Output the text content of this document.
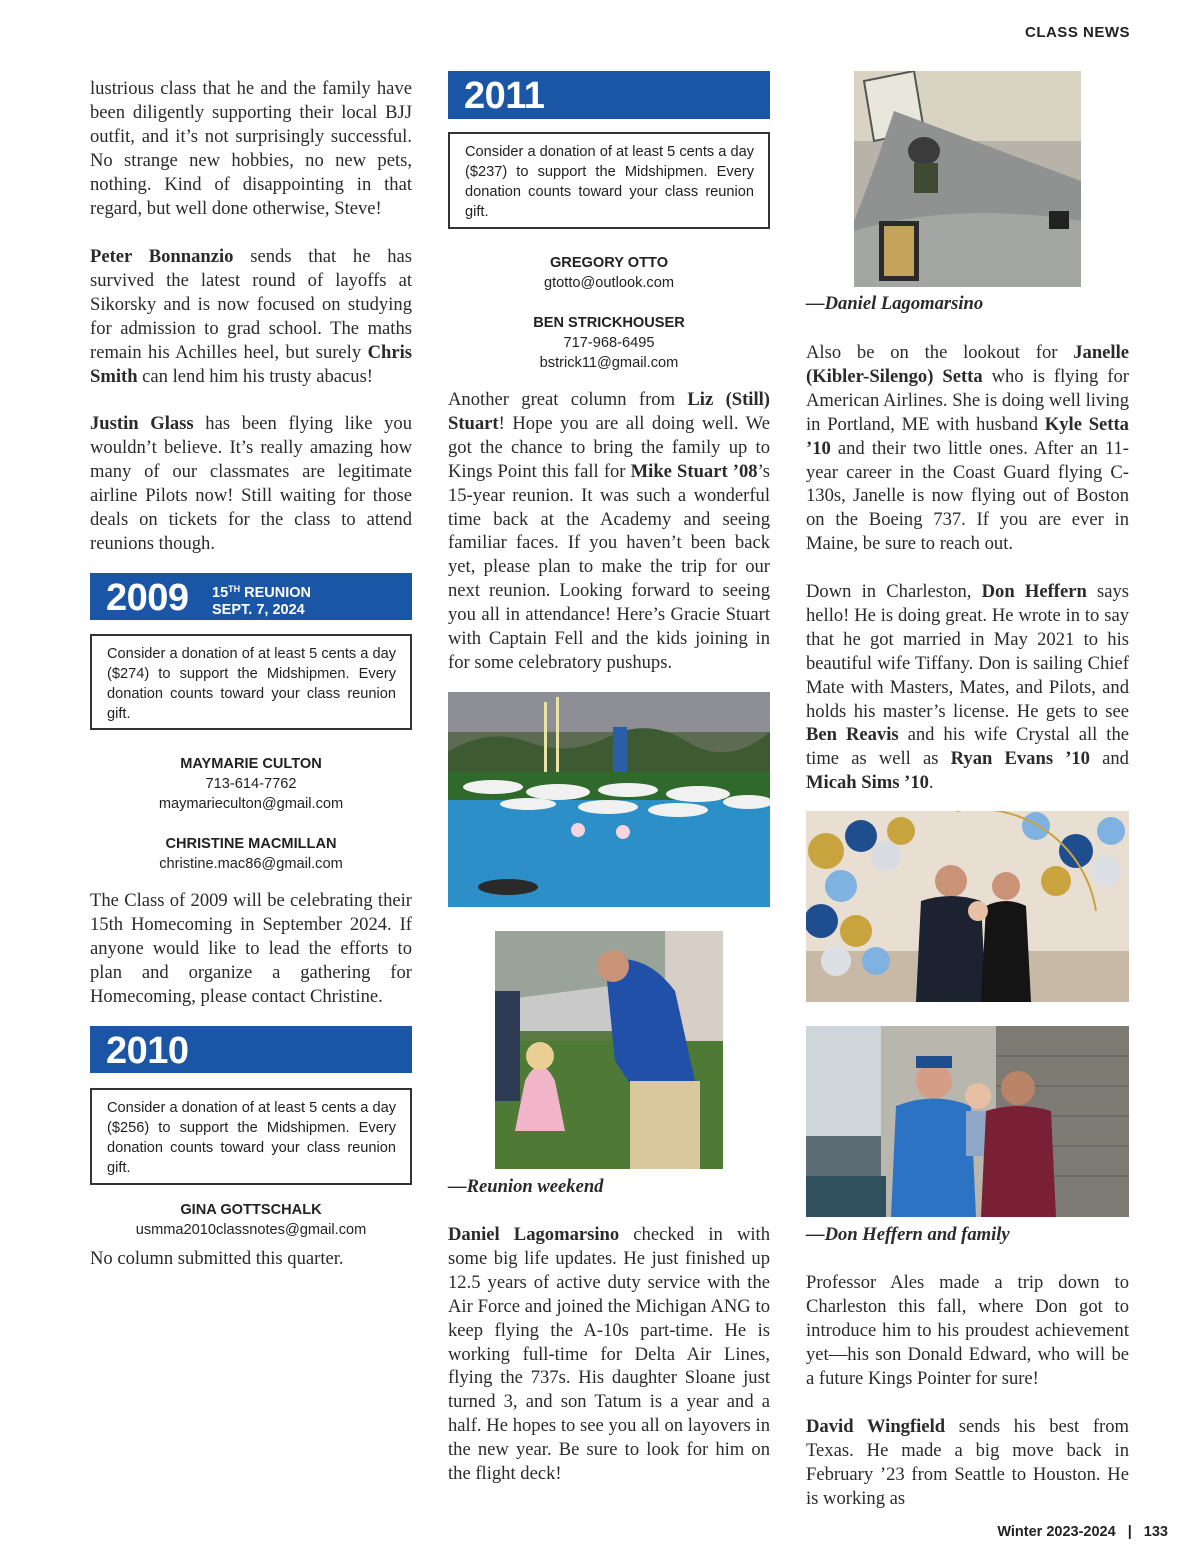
CLASS NEWS

lustrious class that he and the family have been diligently supporting their local BJJ outfit, and it’s not surprisingly successful. No strange new hobbies, no new pets, nothing. Kind of disappointing in that regard, but well done otherwise, Steve!

Peter Bonnanzio sends that he has survived the latest round of layoffs at Sikorsky and is now focused on studying for admission to grad school. The maths remain his Achilles heel, but surely Chris Smith can lend him his trusty abacus!

Justin Glass has been flying like you wouldn’t believe. It’s really amazing how many of our classmates are legitimate airline Pilots now! Still waiting for those deals on tickets for the class to attend reunions though.

2009 15TH REUNION
SEPT. 7, 2024
Consider a donation of at least 5 cents a day ($274) to support the Midshipmen. Every donation counts toward your class reunion gift.
MAYMARIE CULTON
713-614-7762
maymarieculton@gmail.com
CHRISTINE MACMILLAN
christine.mac86@gmail.com

The Class of 2009 will be celebrating their 15th Homecoming in September 2024. If anyone would like to lead the efforts to plan and organize a gathering for Homecoming, please contact Christine.

2010
Consider a donation of at least 5 cents a day ($256) to support the Midshipmen. Every donation counts toward your class reunion gift.
GINA GOTTSCHALK
usmma2010classnotes@gmail.com

No column submitted this quarter.

2011
Consider a donation of at least 5 cents a day ($237) to support the Midshipmen. Every donation counts toward your class reunion gift.
GREGORY OTTO
gtotto@outlook.com
BEN STRICKHOUSER
717-968-6495
bstrick11@gmail.com

Another great column from Liz (Still) Stuart! Hope you are all doing well. We got the chance to bring the family up to Kings Point this fall for Mike Stuart ’08’s 15-year reunion. It was such a wonderful time back at the Academy and seeing familiar faces. If you haven’t been back yet, please plan to make the trip for our next reunion. Looking forward to seeing you all in attendance! Here’s Gracie Stuart with Captain Fell and the kids joining in for some celebratory pushups.

—Reunion weekend

Daniel Lagomarsino checked in with some big life updates. He just finished up 12.5 years of active duty service with the Air Force and joined the Michigan ANG to keep flying the A-10s part-time. He is working full-time for Delta Air Lines, flying the 737s. His daughter Sloane just turned 3, and son Tatum is a year and a half. He hopes to see you all on layovers in the new year. Be sure to look for him on the flight deck!

—Daniel Lagomarsino

Also be on the lookout for Janelle (Kibler-Silengo) Setta who is flying for American Airlines. She is doing well living in Portland, ME with husband Kyle Setta ’10 and their two little ones. After an 11-year career in the Coast Guard flying C-130s, Janelle is now flying out of Boston on the Boeing 737. If you are ever in Maine, be sure to reach out.

Down in Charleston, Don Heffern says hello! He is doing great. He wrote in to say that he got married in May 2021 to his beautiful wife Tiffany. Don is sailing Chief Mate with Masters, Mates, and Pilots, and holds his master’s license. He gets to see Ben Reavis and his wife Crystal all the time as well as Ryan Evans ’10 and Micah Sims ’10.

—Don Heffern and family

Professor Ales made a trip down to Charleston this fall, where Don got to introduce him to his proudest achievement yet—his son Donald Edward, who will be a future Kings Pointer for sure!

David Wingfield sends his best from Texas. He made a big move back in February ’23 from Seattle to Houston. He is working as

Winter 2023-2024 | 133
